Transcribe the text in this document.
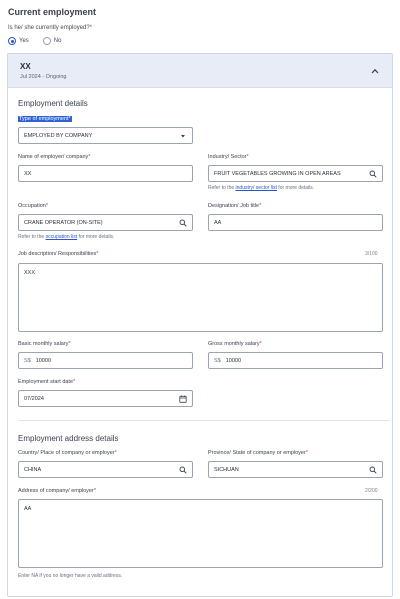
Current employment
Is he/ she currently employed?*
Yes	No
XX
Jul 2024 - Ongoing
Employment details
Type of employment*
EMPLOYED BY COMPANY
Name of employer/ company*
XX
Industry/ Sector*
FRUIT VEGETABLES GROWING IN OPEN AREAS
Refer to the industry/ sector list for more details.
Occupation*
CRANE OPERATOR (ON-SITE)
Refer to the occupation list for more details.
Designation/ Job title*
AA
Job description/ Responsibilities*	3/100
XXX
Basic monthly salary*
S$ 10000
Gross monthly salary*
S$ 10000
Employment start date*
07/2024
Employment address details
Country/ Place of company or employer*
CHINA
Province/ State of company or employer*
SICHUAN
Address of company/ employer*	2/200
AA
Enter NA if you no longer have a valid address.
